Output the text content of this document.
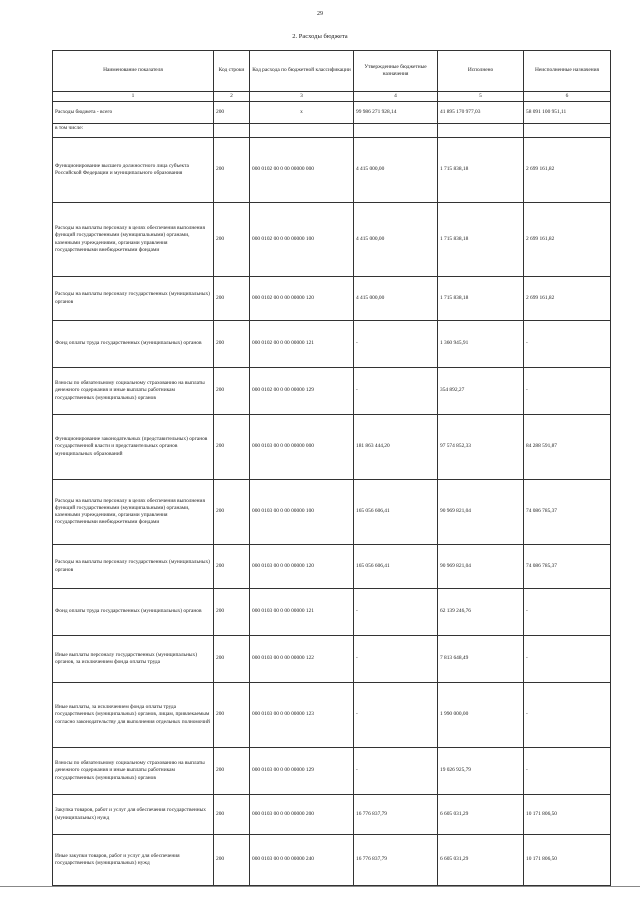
29
2. Расходы бюджета
Наименование показателя	Код строки	Код расхода по бюджетной классификации	Утвержденные бюджетные назначения	Исполнено	Неисполненные назначения
1	2	3	4	5	6
Расходы бюджета - всего	200	x	99 986 271 928,14	41 895 170 977,03	58 091 100 951,11
в том числе:					
Функционирование высшего должностного лица субъекта Российской Федерации и муниципального образования	200	000 0102 00 0 00 00000 000	4 415 000,00	1 715 838,18	2 699 161,82
Расходы на выплаты персоналу в целях обеспечения выполнения функций государственными (муниципальными) органами, казенными учреждениями, органами управления государственными внебюджетными фондами	200	000 0102 00 0 00 00000 100	4 415 000,00	1 715 838,18	2 699 161,82
Расходы на выплаты персоналу государственных (муниципальных) органов	200	000 0102 00 0 00 00000 120	4 415 000,00	1 715 838,18	2 699 161,82
Фонд оплаты труда государственных (муниципальных) органов	200	000 0102 00 0 00 00000 121	-	1 360 945,91	-
Взносы по обязательному социальному страхованию на выплаты денежного содержания и иные выплаты работникам государственных (муниципальных) органов	200	000 0102 00 0 00 00000 129	-	354 892,27	-
Функционирование законодательных (представительных) органов государственной власти и представительных органов муниципальных образований	200	000 0103 00 0 00 00000 000	181 863 444,20	97 574 852,33	84 288 591,87
Расходы на выплаты персоналу в целях обеспечения выполнения функций государственными (муниципальными) органами, казенными учреждениями, органами управления государственными внебюджетными фондами	200	000 0103 00 0 00 00000 100	165 056 606,41	90 969 821,04	74 086 785,37
Расходы на выплаты персоналу государственных (муниципальных) органов	200	000 0103 00 0 00 00000 120	165 056 606,41	90 969 821,04	74 086 785,37
Фонд оплаты труда государственных (муниципальных) органов	200	000 0103 00 0 00 00000 121	-	62 139 246,76	-
Иные выплаты персоналу государственных (муниципальных) органов, за исключением фонда оплаты труда	200	000 0103 00 0 00 00000 122	-	7 813 648,49	-
Иные выплаты, за исключением фонда оплаты труда государственных (муниципальных) органов, лицам, привлекаемым согласно законодательству для выполнения отдельных полномочий	200	000 0103 00 0 00 00000 123	-	1 990 000,00	-
Взносы по обязательному социальному страхованию на выплаты денежного содержания и иные выплаты работникам государственных (муниципальных) органов	200	000 0103 00 0 00 00000 129	-	19 026 925,79	-
Закупка товаров, работ и услуг для обеспечения государственных (муниципальных) нужд	200	000 0103 00 0 00 00000 200	16 776 837,79	6 605 031,29	10 171 806,50
Иные закупки товаров, работ и услуг для обеспечения государственных (муниципальных) нужд	200	000 0103 00 0 00 00000 240	16 776 837,79	6 605 031,29	10 171 806,50
